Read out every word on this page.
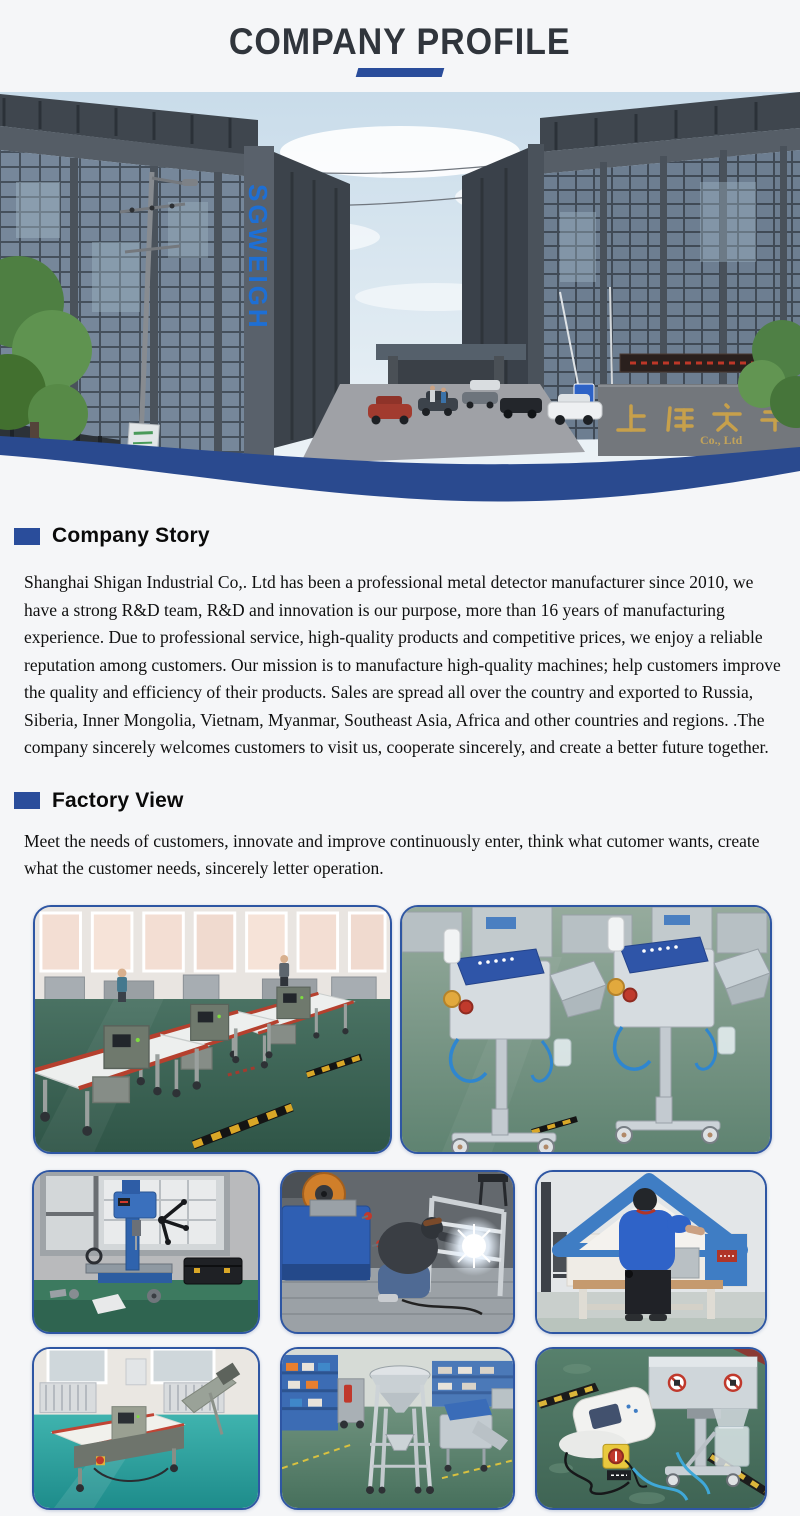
COMPANY PROFILE
SGWEIGH
Co., Ltd
Company Story

Shanghai Shigan Industrial Co,. Ltd has been a professional metal detector manufacturer since 2010, we have a strong R&D team, R&D and innovation is our purpose, more than 16 years of manufacturing experience. Due to professional service, high-quality products and competitive prices, we enjoy a reliable reputation among customers. Our mission is to manufacture high-quality machines; help customers improve the quality and efficiency of their products. Sales are spread all over the country and exported to Russia, Siberia, Inner Mongolia, Vietnam, Myanmar, Southeast Asia, Africa and other countries and regions. .The company sincerely welcomes customers to visit us, cooperate sincerely, and create a better future together.

Factory View

Meet the needs of customers, innovate and improve continuously enter, think what cutomer wants, create what the customer needs, sincerely letter operation.
